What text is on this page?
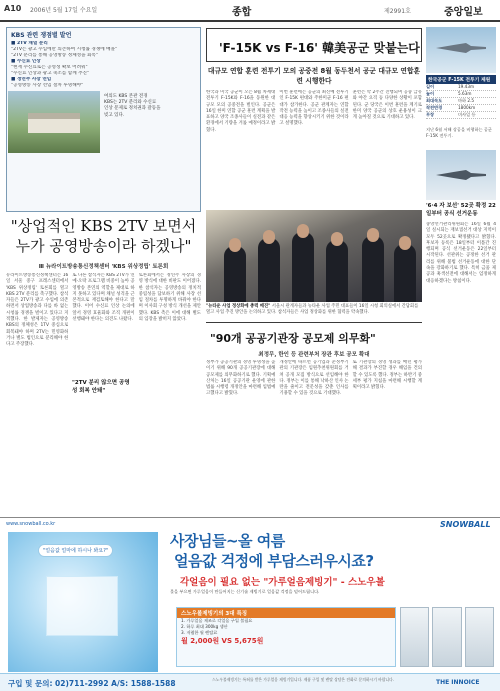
A10 2006년 5월 17일 수요일	종합	제2991호	중앙일보
KBS 관련 쟁점별 발언
■ 2TV 채널 분리
"2TV는 광고 수입에만 의존하여 시청률 경쟁에 매몰"
"2TV 분리를 통해 공영방송 정체성을 회복"
■ 수신료 인상
"현재 수신료로는 공영성 확보 어려워"
"수신료 인상과 광고 축소를 함께 추진"
■ 정연주 사장 연임
"공영방송 사장 선임 절차 투명해야"
여의도 KBS 본관 전경
KBS는 2TV 분리와 수신료
인상 문제로 정치권과 갈등을
빚고 있다.
"상업적인 KBS 2TV 보면서 누가 공영방송이라 하겠나"
Ⅲ 뉴라이트방송통신정책센터 'KBS 위상정립' 토론회
뉴라이트방송통신정책센터는 16일 서울 중구 프레스센터에서 'KBS 위상정립' 토론회를 열고 KBS 2TV 분리를 촉구했다. 참석자들은 2TV가 광고 수입에 의존하면서 상업방송과 다를 바 없는 시청률 경쟁을 벌이고 있다고 지적했다. 한 발제자는 공영방송 KBS의 정체성은 1TV 중심으로 회복돼야 하며 2TV는 민영화하거나 별도 법인으로 분리해야 한다고 주장했다.
또 다른 참석자는 KBS 2TV가 연예·오락 프로그램 비중이 높아 공영방송 본연의 역할을 제대로 하지 못하고 있다며 채널 성격을 근본적으로 재검토해야 한다고 말했다. 이어 수신료 인상 논의에 앞서 경영 효율화와 조직 개편이 선행돼야 한다는 의견도 나왔다.
토론회에서는 정연주 사장의 경영 방식에 대한 비판도 이어졌다. 한 참석자는 공영방송의 정치적 중립성을 담보하기 위해 사장 선임 절차를 투명하게 바꿔야 한다며 이사회 구성 방식 개선을 제안했다. KBS 측은 이에 대해 별도의 입장을 밝히지 않았다.
"2TV 분리 않으면 공영성 회복 안돼"
'F-15K vs F-16' 韓美공군 맞붙는다
대규모 연합 훈련 전투기 모의 공중전 8월 동두천서 공군 대규모 연합훈련 시행한다
한국과 미국 공군이 오는 8월 차세대 전투기 F-15K와 F-16을 동원한 대규모 모의 공중전을 벌인다. 공군은 16일 한미 연합 공군 훈련 계획을 발표하고 양국 조종사들이 실전과 같은 환경에서 기량을 겨룰 예정이라고 밝혔다.
이번 훈련에는 공군의 최신예 전투기인 F-15K 편대와 주한미군 F-16 편대가 참가한다. 공군 관계자는 연합 작전 능력을 높이고 조종사들의 실전 대응 능력을 향상시키기 위한 것이라고 설명했다.
훈련은 약 2주간 진행되며 공중 급유와 야간 요격 등 다양한 상황이 포함된다. 군 당국은 이번 훈련을 계기로 한미 양국 공군의 상호 운용성이 크게 높아질 것으로 기대하고 있다.
"뉴타운 사업 정상화에 총력 매진" 서울시 관계자들과 뉴타운 사업 주민 대표들이 16일 시청 회의실에서 간담회를 열고 사업 추진 방안을 논의하고 있다. 참석자들은 사업 정상화를 위한 협력을 약속했다.
"90개 공공기관장 공모제 의무화"
최정무, 한인 등 관련부처 장관 후보 공모 확대
정부가 공공기관의 경영 투명성을 높이기 위해 90개 공공기관장에 대해 공모제를 의무화하기로 했다. 기획예산처는 16일 공공기관 운영에 관한 법률 시행령 개정안을 마련해 입법예고했다고 밝혔다.
개정안에 따르면 공기업과 준정부기관의 기관장은 임원추천위원회를 거쳐 공개 모집 방식으로 선임해야 한다. 정부는 이를 통해 낙하산 인사 논란을 줄이고 전문성을 갖춘 인사를 기용할 수 있을 것으로 기대했다.
또 기관장의 경영 성과를 매년 평가해 결과가 부진할 경우 해임을 건의할 수 있도록 했다. 정부는 하반기 중 세부 평가 지침을 마련해 시행할 계획이라고 밝혔다.
한국공군 F-15K 전투기 제원
길이	19.43m
높이	5.63m
최대속도	마하 2.5
작전반경	1800km
무장	미사일 등
지난 6월 서해 상공을 비행하는 공군 F-15K 전투기.
'6·4 자 보선' 52곳 확정 22일부터 공식 선거운동
중앙선거관리위원회는 16일 6월 4일 실시되는 재보궐선거 대상 지역이 모두 52곳으로 확정됐다고 밝혔다. 후보자 등록은 18일부터 이틀간 진행되며 공식 선거운동은 22일부터 시작된다. 선관위는 공정한 선거 관리를 위해 불법 선거운동에 대한 단속을 강화하기로 했다. 특히 금품 제공과 흑색선전에 대해서는 엄정하게 대응하겠다는 방침이다.
www.snowball.co.kr	SNOWBALL
"얼음값 얼마에 하시나 봐요?"
사장님들~올 여름
얼음값 걱정에 부담스러우시죠?
각얼음이 필요 없는 "가루얼음제빙기" - 스노우볼
물을 부으면 가루얼음이 만들어지는 신기술 제빙기로 얼음값 걱정을 덜어드립니다.
스노우볼제빙기의 3대 특징
1. 가루얼음 제조로 각얼음 구입 불필요
2. 하루 최대 300kg 생산
3. 저렴한 월 렌탈료
월 2,000원 VS 5,675원
구입 및 문의: 02)711-2992 A/S: 1588-1588	스노우볼제빙기는 특허를 받은 가루얼음 제빙기입니다. 제품 구입 및 렌탈 상담은 전화로 문의하시기 바랍니다.	THE INNOICE
